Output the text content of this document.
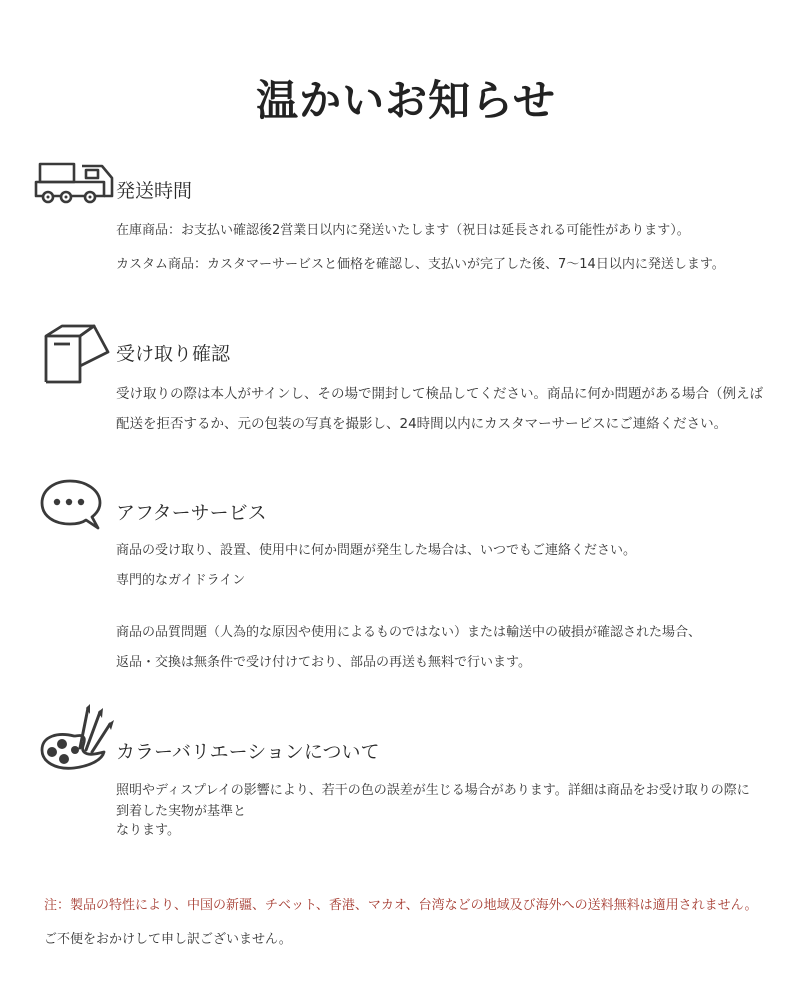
温かいお知らせ
発送時間
在庫商品：お支払い確認後2営業日以内に発送いたします（祝日は延長される可能性があります）。
カスタム商品：カスタマーサービスと価格を確認し、支払いが完了した後、7〜14日以内に発送します。
受け取り確認
受け取りの際は本人がサインし、その場で開封して検品してください。商品に何か問題がある場合（例えば
配送を拒否するか、元の包装の写真を撮影し、24時間以内にカスタマーサービスにご連絡ください。
アフターサービス
商品の受け取り、設置、使用中に何か問題が発生した場合は、いつでもご連絡ください。
専門的なガイドライン
商品の品質問題（人為的な原因や使用によるものではない）または輸送中の破損が確認された場合、
返品・交換は無条件で受け付けており、部品の再送も無料で行います。
カラーバリエーションについて
照明やディスプレイの影響により、若干の色の誤差が生じる場合があります。詳細は商品をお受け取りの際に
到着した実物が基準と
なります。
注：製品の特性により、中国の新疆、チベット、香港、マカオ、台湾などの地域及び海外への送料無料は適用されません。
ご不便をおかけして申し訳ございません。
